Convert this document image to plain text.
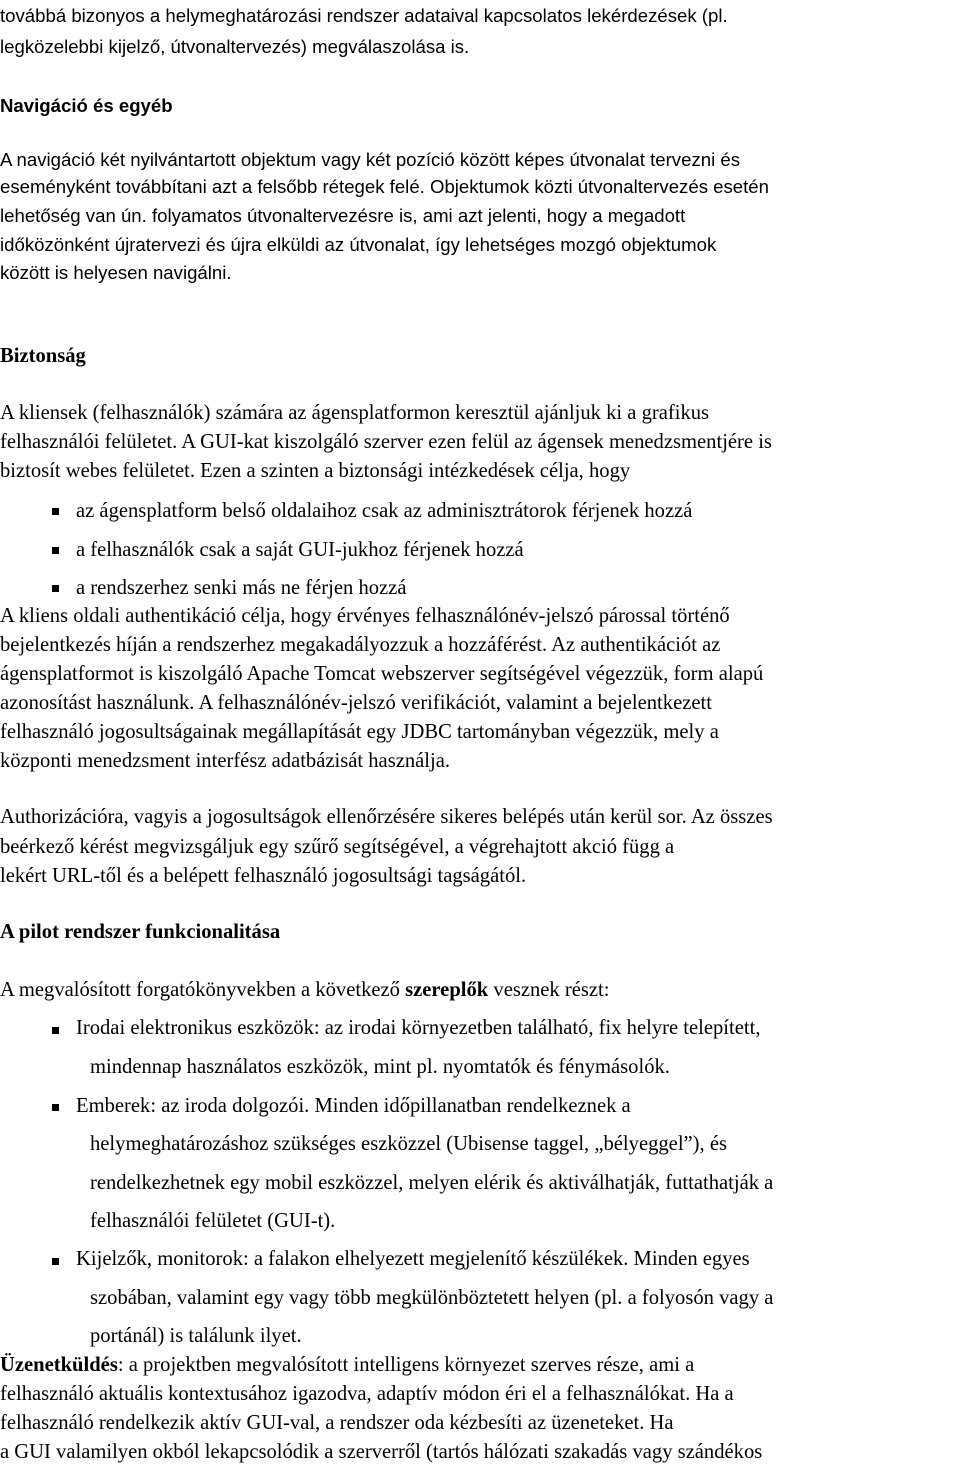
továbbá bizonyos a helymeghatározási rendszer adataival kapcsolatos lekérdezések (pl.

legközelebbi kijelző, útvonaltervezés) megválaszolása is.

Navigáció és egyéb

A navigáció két nyilvántartott objektum vagy két pozíció között képes útvonalat tervezni és

eseményként továbbítani azt a felsőbb rétegek felé. Objektumok közti útvonaltervezés esetén

lehetőség van ún. folyamatos útvonaltervezésre is, ami azt jelenti, hogy a megadott

időközönként újratervezi és újra elküldi az útvonalat, így lehetséges mozgó objektumok

között is helyesen navigálni.

Biztonság

A kliensek (felhasználók) számára az ágensplatformon keresztül ajánljuk ki a grafikus

felhasználói felületet. A GUI-kat kiszolgáló szerver ezen felül az ágensek menedzsmentjére is

biztosít webes felületet. Ezen a szinten a biztonsági intézkedések célja, hogy

az ágensplatform belső oldalaihoz csak az adminisztrátorok férjenek hozzá

a felhasználók csak a saját GUI-jukhoz férjenek hozzá

a rendszerhez senki más ne férjen hozzá

A kliens oldali authentikáció célja, hogy érvényes felhasználónév-jelszó párossal történő

bejelentkezés híján a rendszerhez megakadályozzuk a hozzáférést. Az authentikációt az

ágensplatformot is kiszolgáló Apache Tomcat webszerver segítségével végezzük, form alapú

azonosítást használunk. A felhasználónév-jelszó verifikációt, valamint a bejelentkezett

felhasználó jogosultságainak megállapítását egy JDBC tartományban végezzük, mely a

központi menedzsment interfész adatbázisát használja.

Authorizációra, vagyis a jogosultságok ellenőrzésére sikeres belépés után kerül sor. Az összes

beérkező kérést megvizsgáljuk egy szűrő segítségével, a végrehajtott akció függ a

lekért URL-től és a belépett felhasználó jogosultsági tagságától.

A pilot rendszer funkcionalitása

A megvalósított forgatókönyvekben a következő szereplők vesznek részt:

Irodai elektronikus eszközök: az irodai környezetben található, fix helyre telepített,

mindennap használatos eszközök, mint pl. nyomtatók és fénymásolók.

Emberek: az iroda dolgozói. Minden időpillanatban rendelkeznek a

helymeghatározáshoz szükséges eszközzel (Ubisense taggel, „bélyeggel”), és

rendelkezhetnek egy mobil eszközzel, melyen elérik és aktiválhatják, futtathatják a

felhasználói felületet (GUI-t).

Kijelzők, monitorok: a falakon elhelyezett megjelenítő készülékek. Minden egyes

szobában, valamint egy vagy több megkülönböztetett helyen (pl. a folyosón vagy a

portánál) is találunk ilyet.

Üzenetküldés: a projektben megvalósított intelligens környezet szerves része, ami a

felhasználó aktuális kontextusához igazodva, adaptív módon éri el a felhasználókat. Ha a

felhasználó rendelkezik aktív GUI-val, a rendszer oda kézbesíti az üzeneteket. Ha

a GUI valamilyen okból lekapcsolódik a szerverről (tartós hálózati szakadás vagy szándékos
